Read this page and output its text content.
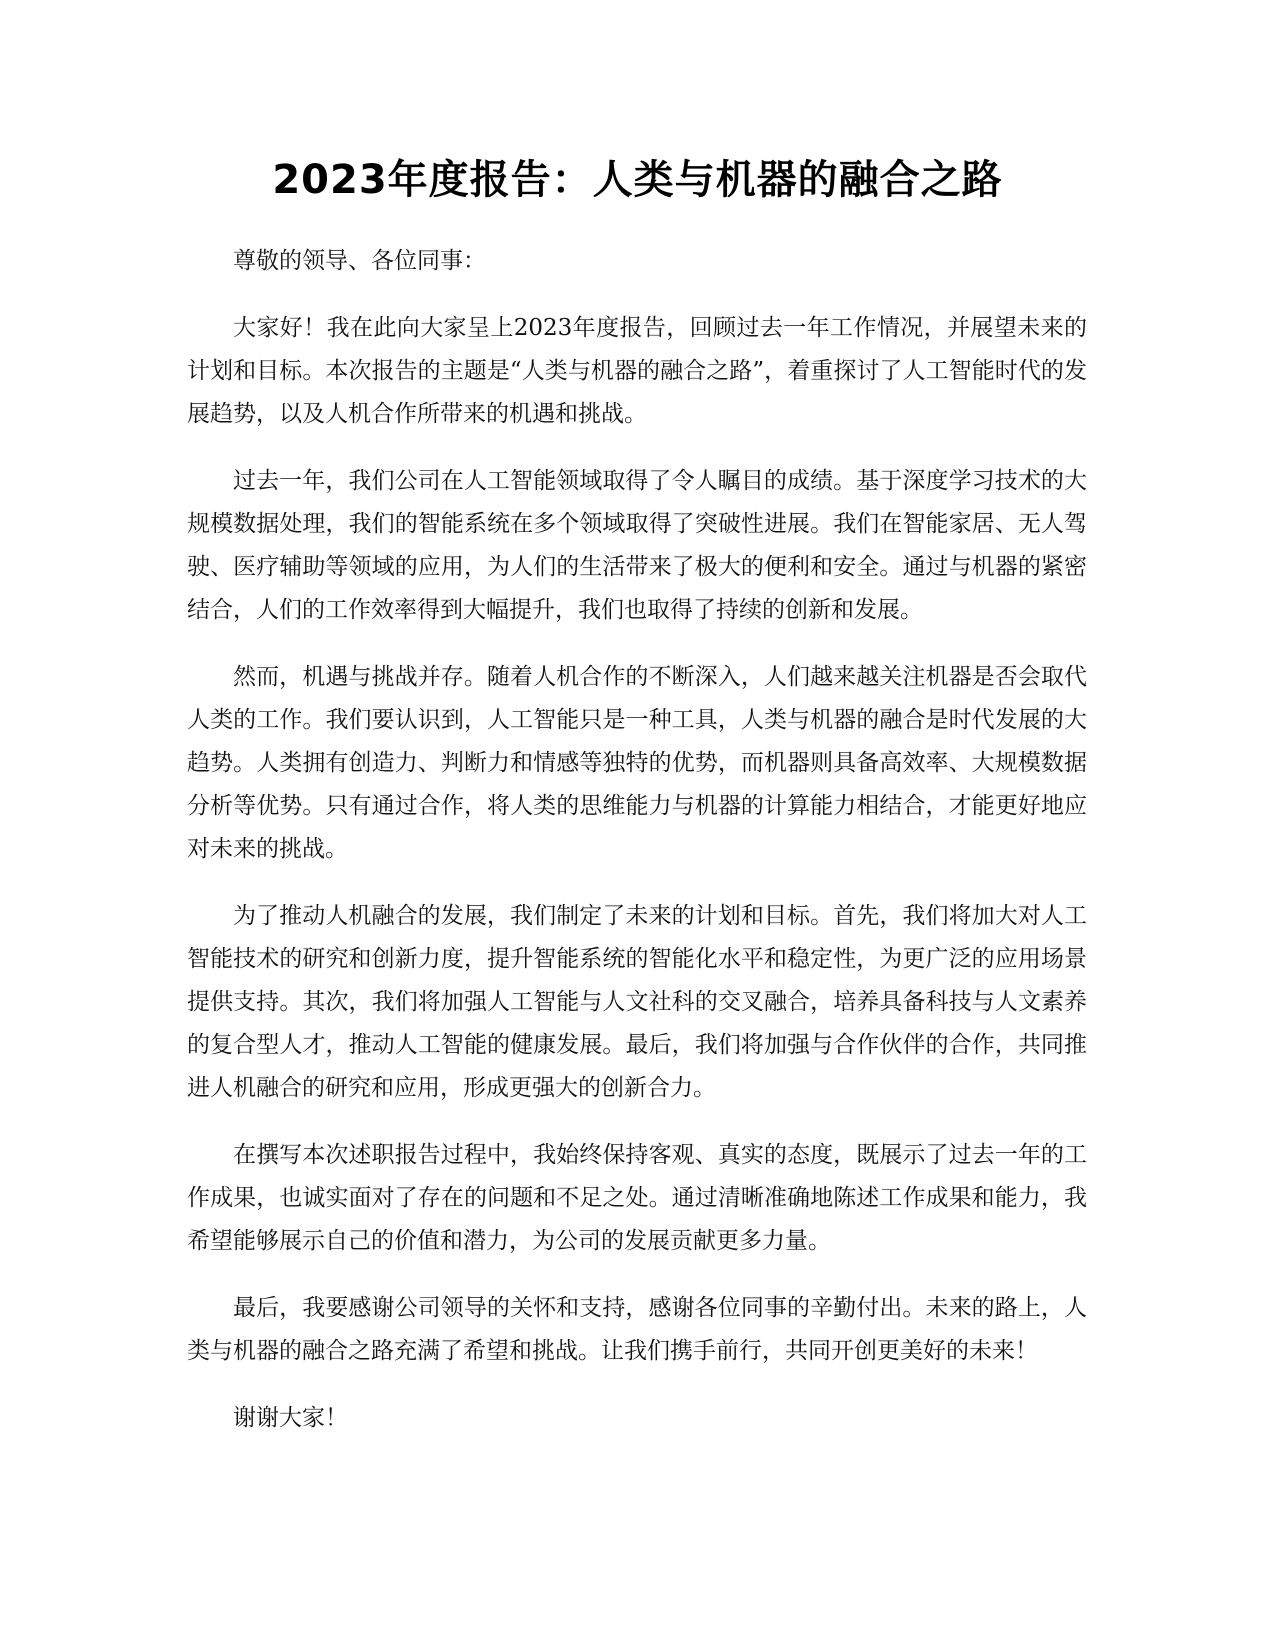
2023年度报告：人类与机器的融合之路

尊敬的领导、各位同事：

大家好！我在此向大家呈上2023年度报告，回顾过去一年工作情况，并展望未来的计划和目标。本次报告的主题是“人类与机器的融合之路”，着重探讨了人工智能时代的发展趋势，以及人机合作所带来的机遇和挑战。

过去一年，我们公司在人工智能领域取得了令人瞩目的成绩。基于深度学习技术的大规模数据处理，我们的智能系统在多个领域取得了突破性进展。我们在智能家居、无人驾驶、医疗辅助等领域的应用，为人们的生活带来了极大的便利和安全。通过与机器的紧密结合，人们的工作效率得到大幅提升，我们也取得了持续的创新和发展。

然而，机遇与挑战并存。随着人机合作的不断深入，人们越来越关注机器是否会取代人类的工作。我们要认识到，人工智能只是一种工具，人类与机器的融合是时代发展的大趋势。人类拥有创造力、判断力和情感等独特的优势，而机器则具备高效率、大规模数据分析等优势。只有通过合作，将人类的思维能力与机器的计算能力相结合，才能更好地应对未来的挑战。

为了推动人机融合的发展，我们制定了未来的计划和目标。首先，我们将加大对人工智能技术的研究和创新力度，提升智能系统的智能化水平和稳定性，为更广泛的应用场景提供支持。其次，我们将加强人工智能与人文社科的交叉融合，培养具备科技与人文素养的复合型人才，推动人工智能的健康发展。最后，我们将加强与合作伙伴的合作，共同推进人机融合的研究和应用，形成更强大的创新合力。

在撰写本次述职报告过程中，我始终保持客观、真实的态度，既展示了过去一年的工作成果，也诚实面对了存在的问题和不足之处。通过清晰准确地陈述工作成果和能力，我希望能够展示自己的价值和潜力，为公司的发展贡献更多力量。

最后，我要感谢公司领导的关怀和支持，感谢各位同事的辛勤付出。未来的路上，人类与机器的融合之路充满了希望和挑战。让我们携手前行，共同开创更美好的未来！

谢谢大家！
